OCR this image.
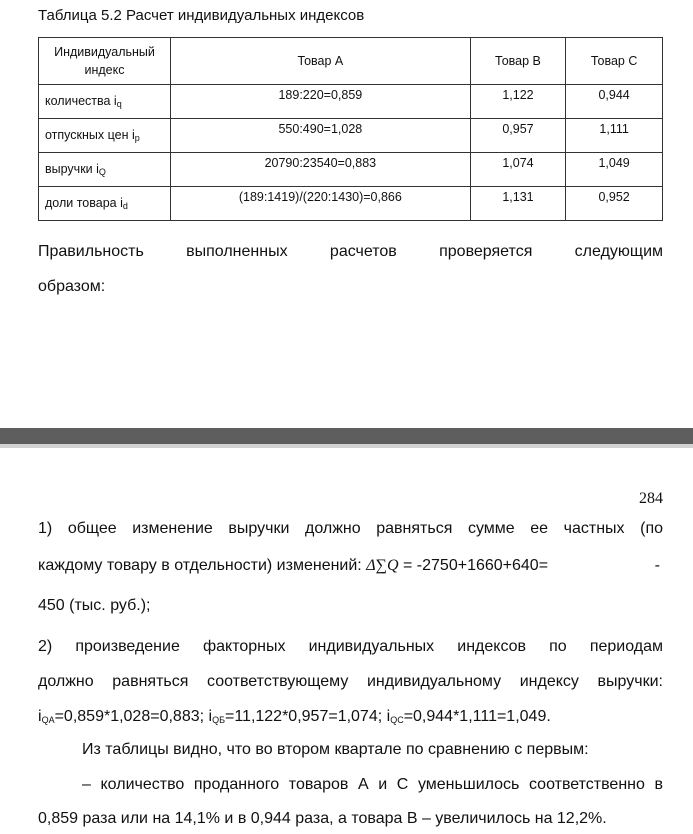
Таблица 5.2 Расчет индивидуальных индексов
Индивидуальный индекс	Товар А	Товар В	Товар С
количества $i_q$	189:220=0,859	1,122	0,944
отпускных цен $i_p$	550:490=1,028	0,957	1,111
выручки $i_Q$	20790:23540=0,883	1,074	1,049
доли товара $i_d$	(189:1419)/(220:1430)=0,866	1,131	0,952
Правильность выполненных расчетов проверяется следующим
образом:
284
1) общее изменение выручки должно равняться сумме ее частных (по
каждому товару в отдельности) изменений: Δ∑Q = -2750+1660+640=	-
450 (тыс. руб.);
2) произведение факторных индивидуальных индексов по периодам
должно равняться соответствующему индивидуальному индексу выручки:
$i_{QA}=0,859*1,028=0,883$; $i_{QБ}=11,122*0,957=1,074$; $i_{QC}=0,944*1,111=1,049$.
Из таблицы видно, что во втором квартале по сравнению с первым:
– количество проданного товаров А и С уменьшилось соответственно в
0,859 раза или на 14,1% и в 0,944 раза, а товара В – увеличилось на 12,2%.
